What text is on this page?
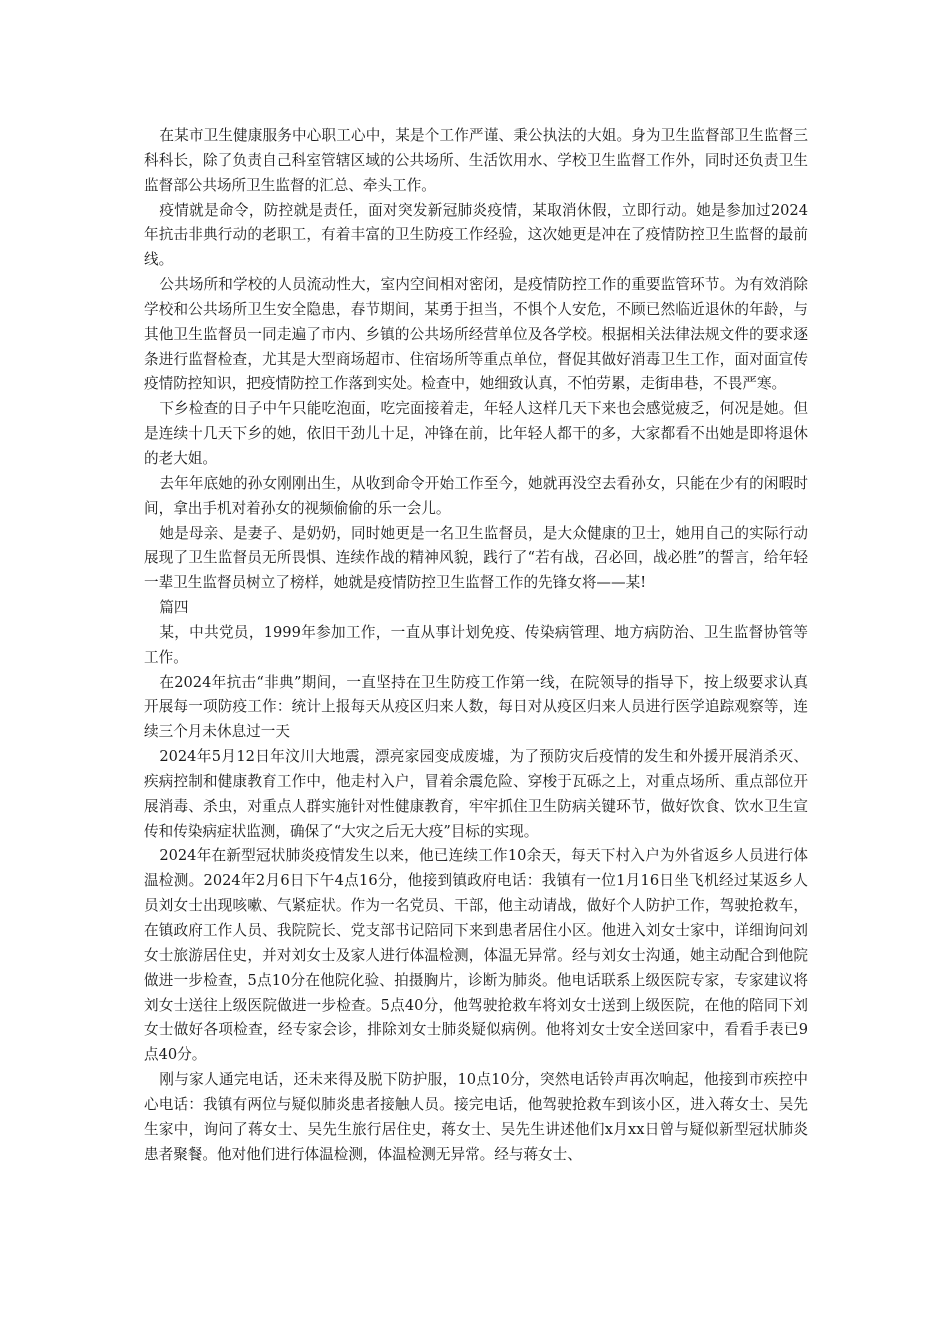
在某市卫生健康服务中心职工心中，某是个工作严谨、秉公执法的大姐。身为卫生监督部卫生监督三科科长，除了负责自己科室管辖区域的公共场所、生活饮用水、学校卫生监督工作外，同时还负责卫生监督部公共场所卫生监督的汇总、牵头工作。

疫情就是命令，防控就是责任，面对突发新冠肺炎疫情，某取消休假，立即行动。她是参加过2024年抗击非典行动的老职工，有着丰富的卫生防疫工作经验，这次她更是冲在了疫情防控卫生监督的最前线。

公共场所和学校的人员流动性大，室内空间相对密闭，是疫情防控工作的重要监管环节。为有效消除学校和公共场所卫生安全隐患，春节期间，某勇于担当，不惧个人安危，不顾已然临近退休的年龄，与其他卫生监督员一同走遍了市内、乡镇的公共场所经营单位及各学校。根据相关法律法规文件的要求逐条进行监督检查，尤其是大型商场超市、住宿场所等重点单位，督促其做好消毒卫生工作，面对面宣传疫情防控知识，把疫情防控工作落到实处。检查中，她细致认真，不怕劳累，走街串巷，不畏严寒。

下乡检查的日子中午只能吃泡面，吃完面接着走，年轻人这样几天下来也会感觉疲乏，何况是她。但是连续十几天下乡的她，依旧干劲儿十足，冲锋在前，比年轻人都干的多，大家都看不出她是即将退休的老大姐。

去年年底她的孙女刚刚出生，从收到命令开始工作至今，她就再没空去看孙女，只能在少有的闲暇时间，拿出手机对着孙女的视频偷偷的乐一会儿。

她是母亲、是妻子、是奶奶，同时她更是一名卫生监督员，是大众健康的卫士，她用自己的实际行动展现了卫生监督员无所畏惧、连续作战的精神风貌，践行了“若有战，召必回，战必胜”的誓言，给年轻一辈卫生监督员树立了榜样，她就是疫情防控卫生监督工作的先锋女将——某!

篇四

某，中共党员，1999年参加工作，一直从事计划免疫、传染病管理、地方病防治、卫生监督协管等工作。

在2024年抗击“非典”期间，一直坚持在卫生防疫工作第一线，在院领导的指导下，按上级要求认真开展每一项防疫工作：统计上报每天从疫区归来人数，每日对从疫区归来人员进行医学追踪观察等，连续三个月未休息过一天

2024年5月12日年汶川大地震，漂亮家园变成废墟，为了预防灾后疫情的发生和外援开展消杀灭、疾病控制和健康教育工作中，他走村入户，冒着余震危险、穿梭于瓦砾之上，对重点场所、重点部位开展消毒、杀虫，对重点人群实施针对性健康教育，牢牢抓住卫生防病关键环节，做好饮食、饮水卫生宣传和传染病症状监测，确保了“大灾之后无大疫”目标的实现。

2024年在新型冠状肺炎疫情发生以来，他已连续工作10余天，每天下村入户为外省返乡人员进行体温检测。2024年2月6日下午4点16分，他接到镇政府电话：我镇有一位1月16日坐飞机经过某返乡人员刘女士出现咳嗽、气紧症状。作为一名党员、干部，他主动请战，做好个人防护工作，驾驶抢救车，在镇政府工作人员、我院院长、党支部书记陪同下来到患者居住小区。他进入刘女士家中，详细询问刘女士旅游居住史，并对刘女士及家人进行体温检测，体温无异常。经与刘女士沟通，她主动配合到他院做进一步检查，5点10分在他院化验、拍摄胸片，诊断为肺炎。他电话联系上级医院专家，专家建议将刘女士送往上级医院做进一步检查。5点40分，他驾驶抢救车将刘女士送到上级医院，在他的陪同下刘女士做好各项检查，经专家会诊，排除刘女士肺炎疑似病例。他将刘女士安全送回家中，看看手表已9点40分。

刚与家人通完电话，还未来得及脱下防护服，10点10分，突然电话铃声再次响起，他接到市疾控中心电话：我镇有两位与疑似肺炎患者接触人员。接完电话，他驾驶抢救车到该小区，进入蒋女士、吴先生家中，询问了蒋女士、吴先生旅行居住史，蒋女士、吴先生讲述他们x月xx日曾与疑似新型冠状肺炎患者聚餐。他对他们进行体温检测，体温检测无异常。经与蒋女士、
